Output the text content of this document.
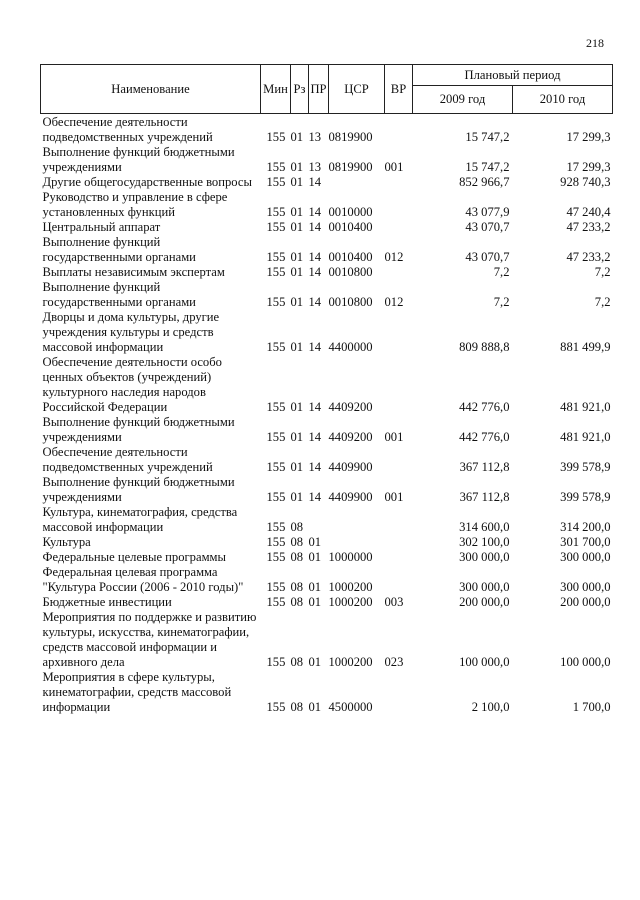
218
Наименование	Мин	Рз	ПР	ЦСР	ВР	Плановый период	
						2009 год	2010 год
Обеспечение деятельности подведомственных учреждений	155	01	13	0819900		15 747,2	17 299,3
Выполнение функций бюджетными учреждениями	155	01	13	0819900	001	15 747,2	17 299,3
Другие общегосударственные вопросы	155	01	14			852 966,7	928 740,3
Руководство и управление в сфере установленных функций	155	01	14	0010000		43 077,9	47 240,4
Центральный аппарат	155	01	14	0010400		43 070,7	47 233,2
Выполнение функций государственными органами	155	01	14	0010400	012	43 070,7	47 233,2
Выплаты независимым экспертам	155	01	14	0010800		7,2	7,2
Выполнение функций государственными органами	155	01	14	0010800	012	7,2	7,2
Дворцы и дома культуры, другие учреждения культуры и средств массовой информации	155	01	14	4400000		809 888,8	881 499,9
Обеспечение деятельности особо ценных объектов (учреждений) культурного наследия народов Российской Федерации	155	01	14	4409200		442 776,0	481 921,0
Выполнение функций бюджетными учреждениями	155	01	14	4409200	001	442 776,0	481 921,0
Обеспечение деятельности подведомственных учреждений	155	01	14	4409900		367 112,8	399 578,9
Выполнение функций бюджетными учреждениями	155	01	14	4409900	001	367 112,8	399 578,9
Культура, кинематография, средства массовой информации	155	08				314 600,0	314 200,0
Культура	155	08	01			302 100,0	301 700,0
Федеральные целевые программы	155	08	01	1000000		300 000,0	300 000,0
Федеральная целевая программа "Культура России (2006 - 2010 годы)"	155	08	01	1000200		300 000,0	300 000,0
Бюджетные инвестиции	155	08	01	1000200	003	200 000,0	200 000,0
Мероприятия по поддержке и развитию культуры, искусства, кинематографии, средств массовой информации и архивного дела	155	08	01	1000200	023	100 000,0	100 000,0
Мероприятия в сфере культуры, кинематографии, средств массовой информации	155	08	01	4500000		2 100,0	1 700,0
